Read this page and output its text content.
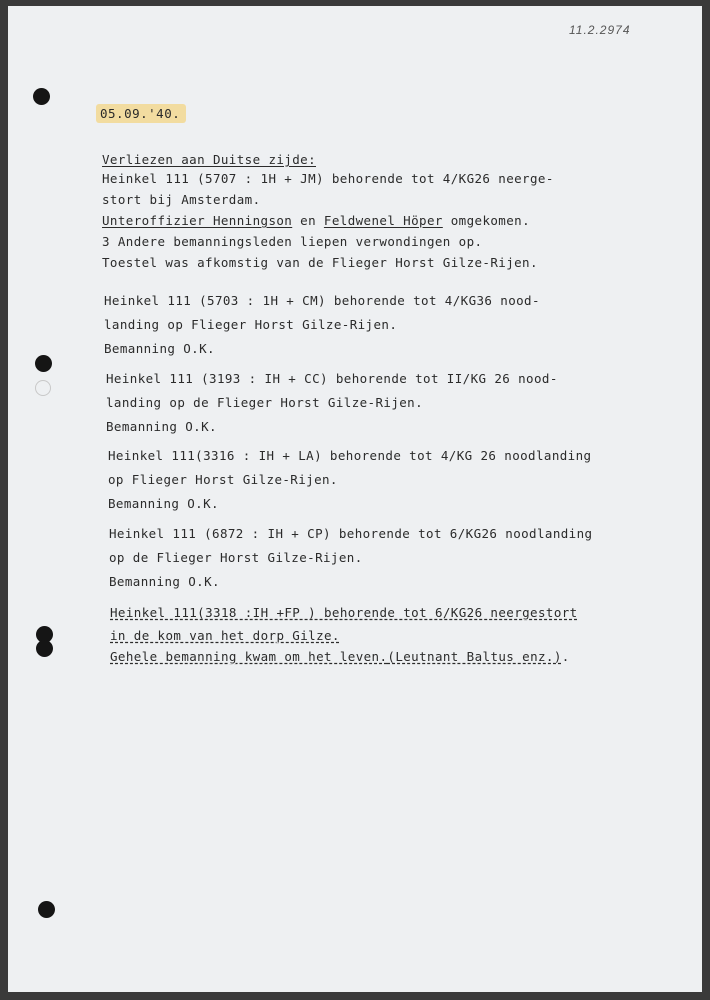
11.2.2974
05.09.'40.
Verliezen aan Duitse zijde:
Heinkel 111 (5707 : 1H + JM) behorende tot 4/KG26 neerge-
stort bij Amsterdam.
Unteroffizier Henningson en Feldwenel Höper omgekomen.
3 Andere bemanningsleden liepen verwondingen op.
Toestel was afkomstig van de Flieger Horst Gilze-Rijen.
Heinkel 111 (5703 : 1H + CM) behorende tot 4/KG36 nood-
landing op Flieger Horst Gilze-Rijen.
Bemanning O.K.
Heinkel 111 (3193 : IH + CC) behorende tot II/KG 26 nood-
landing op de Flieger Horst Gilze-Rijen.
Bemanning O.K.
Heinkel 111(3316 : IH + LA) behorende tot 4/KG 26 noodlanding
op Flieger Horst Gilze-Rijen.
Bemanning O.K.
Heinkel 111 (6872 : IH + CP) behorende tot 6/KG26 noodlanding
op de Flieger Horst Gilze-Rijen.
Bemanning O.K.
Heinkel 111(3318 :IH +FP ) behorende tot 6/KG26 neergestort
in de kom van het dorp Gilze.
Gehele bemanning kwam om het leven.(Leutnant Baltus enz.).
